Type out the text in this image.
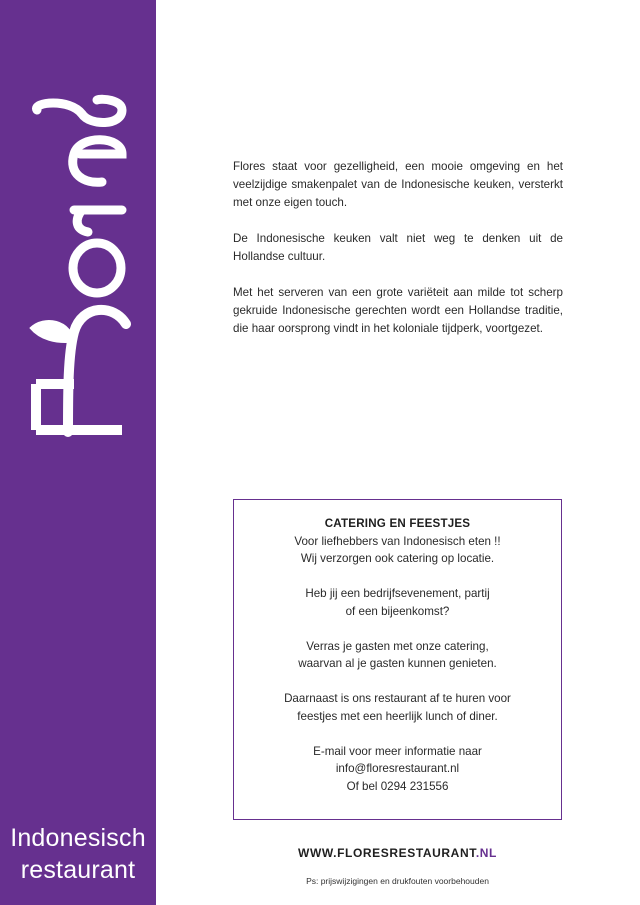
Indonesisch
restaurant

Flores staat voor gezelligheid, een mooie omgeving en het veelzijdige smakenpalet van de Indonesische keuken, versterkt met onze eigen touch.

De Indonesische keuken valt niet weg te denken uit de Hollandse cultuur.

Met het serveren van een grote variëteit aan milde tot scherp gekruide Indonesische gerechten wordt een Hollandse traditie, die haar oorsprong vindt in het koloniale tijdperk, voortgezet.

CATERING EN FEESTJES
Voor liefhebbers van Indonesisch eten !!
Wij verzorgen ook catering op locatie.
Heb jij een bedrijfsevenement, partij
of een bijeenkomst?
Verras je gasten met onze catering,
waarvan al je gasten kunnen genieten.
Daarnaast is ons restaurant af te huren voor
feestjes met een heerlijk lunch of diner.
E-mail voor meer informatie naar
info@floresrestaurant.nl
Of bel 0294 231556
WWW.FLORESRESTAURANT.NL
Ps: prijswijzigingen en drukfouten voorbehouden
